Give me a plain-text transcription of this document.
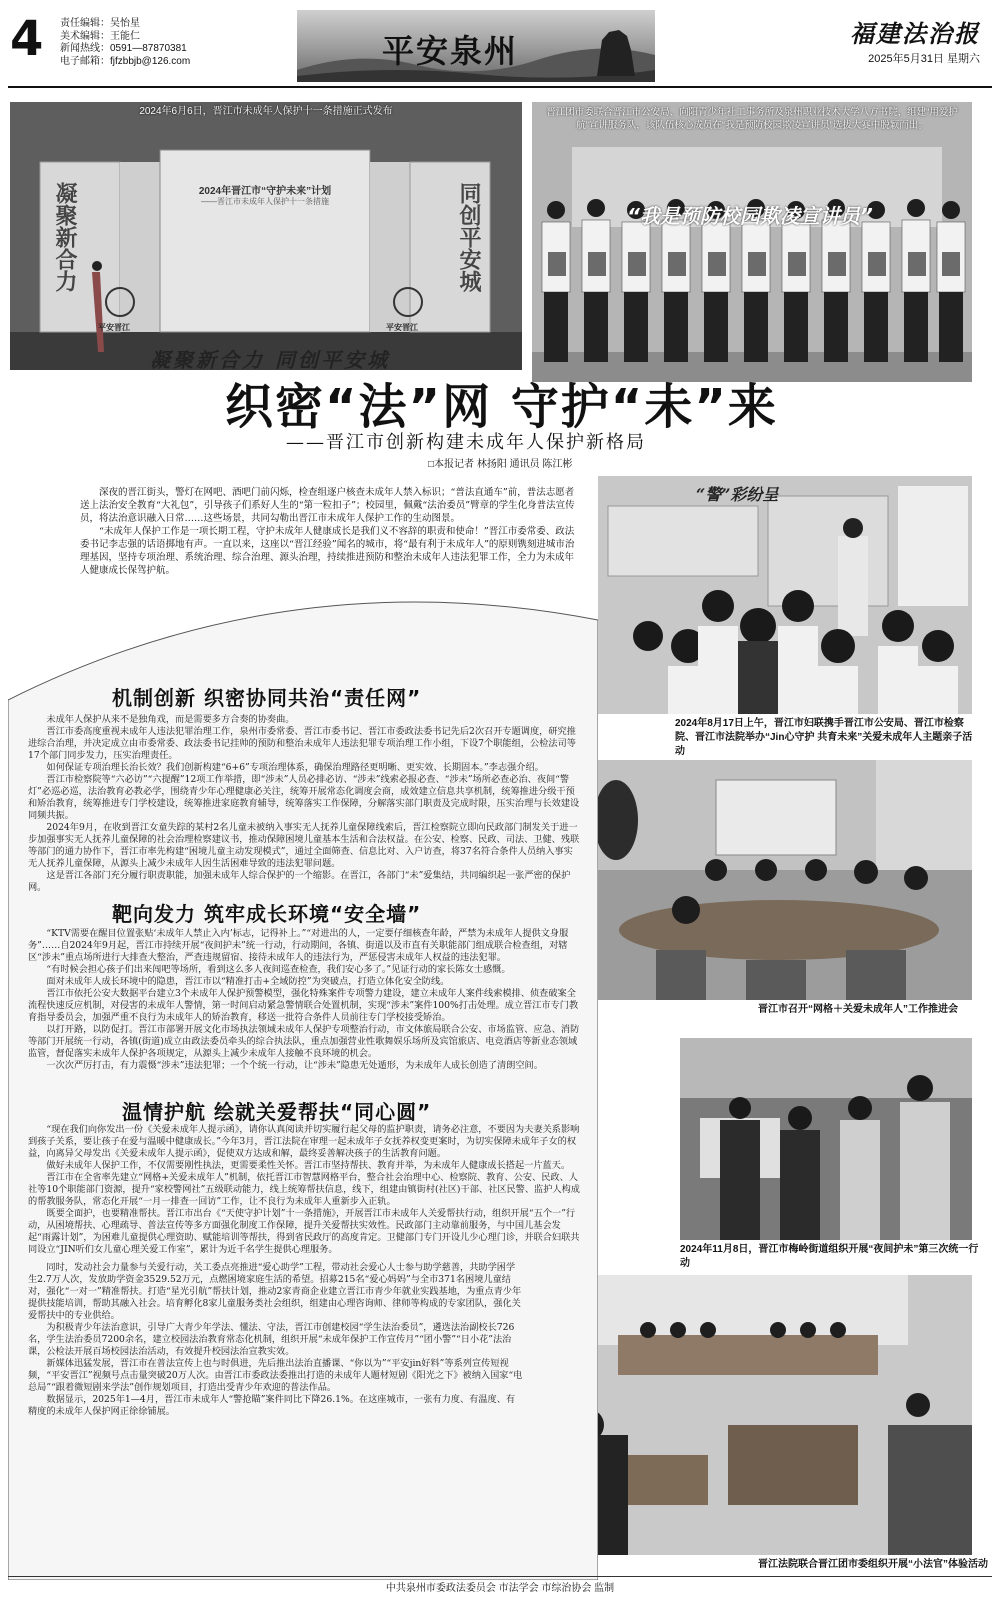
4 责任编辑：吴怡星
美术编辑：王能仁
新闻热线：0591—87870381
电子邮箱：fjfzbbjb@126.com	平安泉州	福建法治报
2025年5月31日 星期六
2024年6月6日，晋江市未成年人保护十一条措施正式发布
凝聚新合力	同创平安城
2024年晋江市“守护未来”计划
——晋江市未成年人保护十一条措施
平安晋江	平安晋江
凝聚新合力 同创平安城
晋江团市委联合晋江市公安局、向阳青少年社工事务所及泉州职业技术大学八方书院，组建“用爱护航”宣讲服务队，该队伍核心成员在“我是预防校园欺凌宣讲员”选拔大赛中脱颖而出。
“我是预防校园欺凌宣讲员”
织密“法”网 守护“未”来
——晋江市创新构建未成年人保护新格局
□本报记者 林扬阳 通讯员 陈江彬

深夜的晋江街头，警灯在网吧、酒吧门前闪烁，检查组逐户核查未成年人禁入标识；“普法直通车”前，普法志愿者送上法治安全教育“大礼包”，引导孩子们系好人生的“第一粒扣子”；校园里，佩戴“法治委员”臂章的学生化身普法宣传员，将法治意识融入日常……这些场景，共同勾勒出晋江市未成年人保护工作的生动图景。

“未成年人保护工作是一项长期工程，守护未成年人健康成长是我们义不容辞的职责和使命！”晋江市委常委、政法委书记李志强的话语掷地有声。一直以来，这座以“晋江经验”闻名的城市，将“最有利于未成年人”的原则镌刻进城市治理基因，坚持专项治理、系统治理、综合治理、源头治理，持续推进预防和整治未成年人违法犯罪工作，全力为未成年人健康成长保驾护航。

“警”彩纷呈
2024年8月17日上午，晋江市妇联携手晋江市公安局、晋江市检察院、晋江市法院举办“Jin心守护 共育未来”关爱未成年人主题亲子活动
晋江市召开“网格＋关爱未成年人”工作推进会
2024年11月8日，晋江市梅岭街道组织开展“夜间护未”第三次统一行动
晋江法院联合晋江团市委组织开展“小法官”体验活动
机制创新 织密协同共治“责任网”

未成年人保护从来不是独角戏，而是需要多方合奏的协奏曲。

晋江市委高度重视未成年人违法犯罪治理工作，泉州市委常委、晋江市委书记、晋江市委政法委书记先后2次召开专题调度，研究推进综合治理，并决定成立由市委常委、政法委书记挂帅的预防和整治未成年人违法犯罪专项治理工作小组，下设7个职能组，公检法司等17个部门同步发力，压实治理责任。

如何保证专项治理长治长效？我们创新构建“6+6”专项治理体系，确保治理路径更明晰、更实效、长期固本。”李志强介绍。

晋江市检察院等“六必访”“六提醒”12项工作举措，即“涉未”人员必排必访、“涉未”线索必报必查、“涉未”场所必查必治、夜间“警灯”必巡必巡，法治教育必教必学，围绕青少年心理健康必关注，统筹开展常态化调度会商，成效建立信息共享机制，统筹推进分级干预和矫治教育，统筹推进专门学校建设，统筹推进家庭教育辅导，统筹落实工作保障，分解落实部门职责及完成时限，压实治理与长效建设同频共振。

2024年9月，在收到晋江女童失踪的某村2名儿童未被纳入事实无人抚养儿童保障线索后，晋江检察院立即向民政部门制发关于进一步加强事实无人抚养儿童保障的社会治理检察建议书，推动保障困境儿童基本生活和合法权益。在公安、检察、民政、司法、卫健、残联等部门的通力协作下，晋江市率先构建“困境儿童主动发现模式”，通过全面筛查、信息比对、入户访查，将37名符合条件人员纳入事实无人抚养儿童保障，从源头上减少未成年人因生活困难导致的违法犯罪问题。

这是晋江各部门充分履行职责职能，加强未成年人综合保护的一个缩影。在晋江，各部门“未”爱集结，共同编织起一张严密的保护网。

靶向发力 筑牢成长环境“安全墙”

“KTV需要在醒目位置张贴‘未成年人禁止入内’标志，记得补上。”“对进出的人，一定要仔细核查年龄，严禁为未成年人提供文身服务”……自2024年9月起，晋江市持续开展“夜间护未”统一行动，行动期间，各镇、街道以及市直有关职能部门组成联合检查组，对辖区“涉未”重点场所进行大排查大整治，严查违规留宿、接待未成年人的违法行为，严惩侵害未成年人权益的违法犯罪。

“有时候会担心孩子们出来闯吧等场所，看到这么多人夜间巡查检查，我们安心多了。”见证行动的家长陈女士感慨。

面对未成年人成长环境中的隐患，晋江市以“精准打击+全域防控”为突破点，打造立体化安全防线。

晋江市依托公安大数据平台建立3个未成年人保护预警模型，强化特殊案件专项警力建设，建立未成年人案件线索模排、侦查破案全流程快速反应机制，对侵害的未成年人警情，第一时间启动紧急警情联合处置机制，实现“涉未”案件100%打击处理。成立晋江市专门教育指导委员会，加强严重不良行为未成年人的矫治教育，移送一批符合条件人员前往专门学校接受矫治。

以打开路，以防促打。晋江市部署开展文化市场执法领域未成年人保护专项整治行动，市文体旅局联合公安、市场监管、应急、消防等部门开展统一行动，各镇(街道)成立由政法委员牵头的综合执法队，重点加强营业性歌舞娱乐场所及宾馆旅店、电竞酒店等新业态领域监管，督促落实未成年人保护各项规定，从源头上减少未成年人接触不良环境的机会。

一次次严厉打击，有力震慑“涉未”违法犯罪；一个个统一行动，让“涉未”隐患无处遁形，为未成年人成长创造了清朗空间。

温情护航 绘就关爱帮扶“同心圆”

“现在我们向你发出一份《关爱未成年人提示函》，请你认真阅读并切实履行起父母的监护职责，请务必注意，不要因为夫妻关系影响到孩子关系，要让孩子在爱与温暖中健康成长。”今年3月，晋江法院在审理一起未成年子女抚养权变更案时，为切实保障未成年子女的权益，向离异父母发出《关爱未成年人提示函》，促使双方达成和解，最终妥善解决孩子的生活教育问题。

做好未成年人保护工作，不仅需要刚性执法，更需要柔性关怀。晋江市坚持帮扶、教育并举，为未成年人健康成长搭起一片蓝天。

晋江市在全省率先建立“网格+关爱未成年人”机制，依托晋江市智慧网格平台，整合社会治理中心、检察院、教育、公安、民政、人社等10个职能部门资源，提升“家校警网社”五级联动能力，线上统筹帮扶信息，线下，组建由镇街村(社区)干部、社区民警、监护人构成的帮教服务队，常态化开展“一月一排查一回访”工作，让不良行为未成年人重新步入正轨。

既要全面护，也要精准帮扶。晋江市出台《“天使守护计划”十一条措施》，开展晋江市未成年人关爱帮扶行动，组织开展“五个一”行动，从困境帮扶、心理疏导、普法宣传等多方面强化制度工作保障，提升关爱帮扶实效性。民政部门主动靠前服务，与中国儿基会发起“雨露计划”，为困难儿童提供心理资助、赋能培训等帮扶，得到省民政厅的高度肯定。卫健部门专门开设儿少心理门诊，并联合妇联共同设立“JIN听们女儿童心理关爱工作室”，累计为近千名学生提供心理服务。

同时，发动社会力量参与关爱行动，关工委点亮推进“爱心助学”工程，带动社会爱心人士参与助学慈善，共助学困学生2.7万人次，发放助学资金3529.52万元，点燃困境家庭生活的希望。招募215名“爱心妈妈”与全市371名困境儿童结对，强化“一对一”精准帮扶。打造“星光引航”帮扶计划，推动2家青商企业建立晋江市青少年就业实践基地，为重点青少年提供技能培训，帮助其融入社会。培育孵化8家儿童服务类社会组织，组建由心理咨询师、律师等构成的专家团队，强化关爱帮扶中的专业供给。

为积极青少年法治意识，引导广大青少年学法、懂法、守法，晋江市创建校园“学生法治委员”，遴选法治副校长726名，学生法治委员7200余名，建立校园法治教育常态化机制，组织开展“未成年保护工作宣传月”“团小警”“日小花”法治课，公检法开展百场校园法治活动，有效提升校园法治宣教实效。

新媒体迅猛发展，晋江市在普法宣传上也与时俱进，先后推出法治直播课、“你以为”“平安jin好料”等系列宣传短视频，“平安晋江”视频号点击量突破20万人次。由晋江市委政法委推出打造的未成年人題材短剧《阳光之下》被纳入国家“电总局”“跟着微短剧来学法”创作规划项目，打造出受青少年欢迎的普法作品。

数据显示，2025年1—4月，晋江市未成年人“警抢瞄”案件同比下降26.1%。在这座城市，一张有力度、有温度、有精度的未成年人保护网正徐徐铺展。

中共泉州市委政法委员会 市法学会 市综治协会 监制
